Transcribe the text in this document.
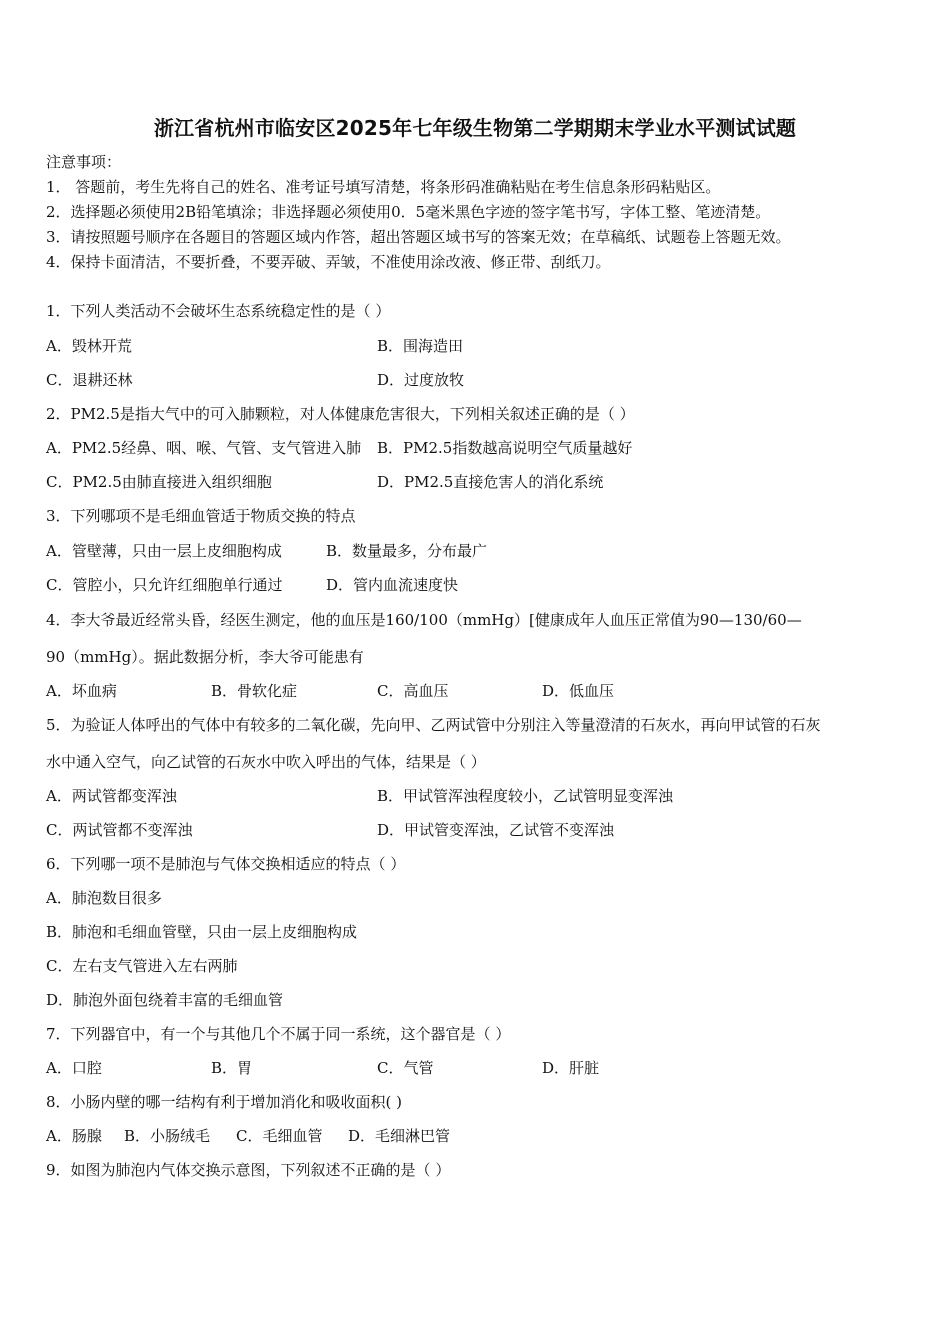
浙江省杭州市临安区2025年七年级生物第二学期期末学业水平测试试题
注意事项：
1． 答题前，考生先将自己的姓名、准考证号填写清楚，将条形码准确粘贴在考生信息条形码粘贴区。
2．选择题必须使用2B铅笔填涂；非选择题必须使用0．5毫米黑色字迹的签字笔书写，字体工整、笔迹清楚。
3．请按照题号顺序在各题目的答题区域内作答，超出答题区域书写的答案无效；在草稿纸、试题卷上答题无效。
4．保持卡面清洁，不要折叠，不要弄破、弄皱，不准使用涂改液、修正带、刮纸刀。
1．下列人类活动不会破坏生态系统稳定性的是（ ）
A．毁林开荒	B．围海造田
C．退耕还林	D．过度放牧
2．PM2.5是指大气中的可入肺颗粒，对人体健康危害很大，下列相关叙述正确的是（ ）
A．PM2.5经鼻、咽、喉、气管、支气管进入肺 B．PM2.5指数越高说明空气质量越好
C．PM2.5由肺直接进入组织细胞	D．PM2.5直接危害人的消化系统
3．下列哪项不是毛细血管适于物质交换的特点
A．管壁薄，只由一层上皮细胞构成	B．数量最多，分布最广
C．管腔小，只允许红细胞单行通过	D．管内血流速度快
4．李大爷最近经常头昏，经医生测定，他的血压是160/100（mmHg）[健康成年人血压正常值为90—130/60—
90（mmHg）。据此数据分析，李大爷可能患有
A．坏血病	B．骨软化症	C．高血压	D．低血压
5．为验证人体呼出的气体中有较多的二氧化碳，先向甲、乙两试管中分别注入等量澄清的石灰水，再向甲试管的石灰
水中通入空气，向乙试管的石灰水中吹入呼出的气体，结果是（ ）
A．两试管都变浑浊	B．甲试管浑浊程度较小，乙试管明显变浑浊
C．两试管都不变浑浊	D．甲试管变浑浊，乙试管不变浑浊
6．下列哪一项不是肺泡与气体交换相适应的特点（ ）
A．肺泡数目很多
B．肺泡和毛细血管壁，只由一层上皮细胞构成
C．左右支气管进入左右两肺
D．肺泡外面包绕着丰富的毛细血管
7．下列器官中，有一个与其他几个不属于同一系统，这个器官是（ ）
A．口腔	B．胃	C．气管	D．肝脏
8．小肠内壁的哪一结构有利于增加消化和吸收面积( )
A．肠腺 B．小肠绒毛 C．毛细血管 D．毛细淋巴管
9．如图为肺泡内气体交换示意图，下列叙述不正确的是（ ）
